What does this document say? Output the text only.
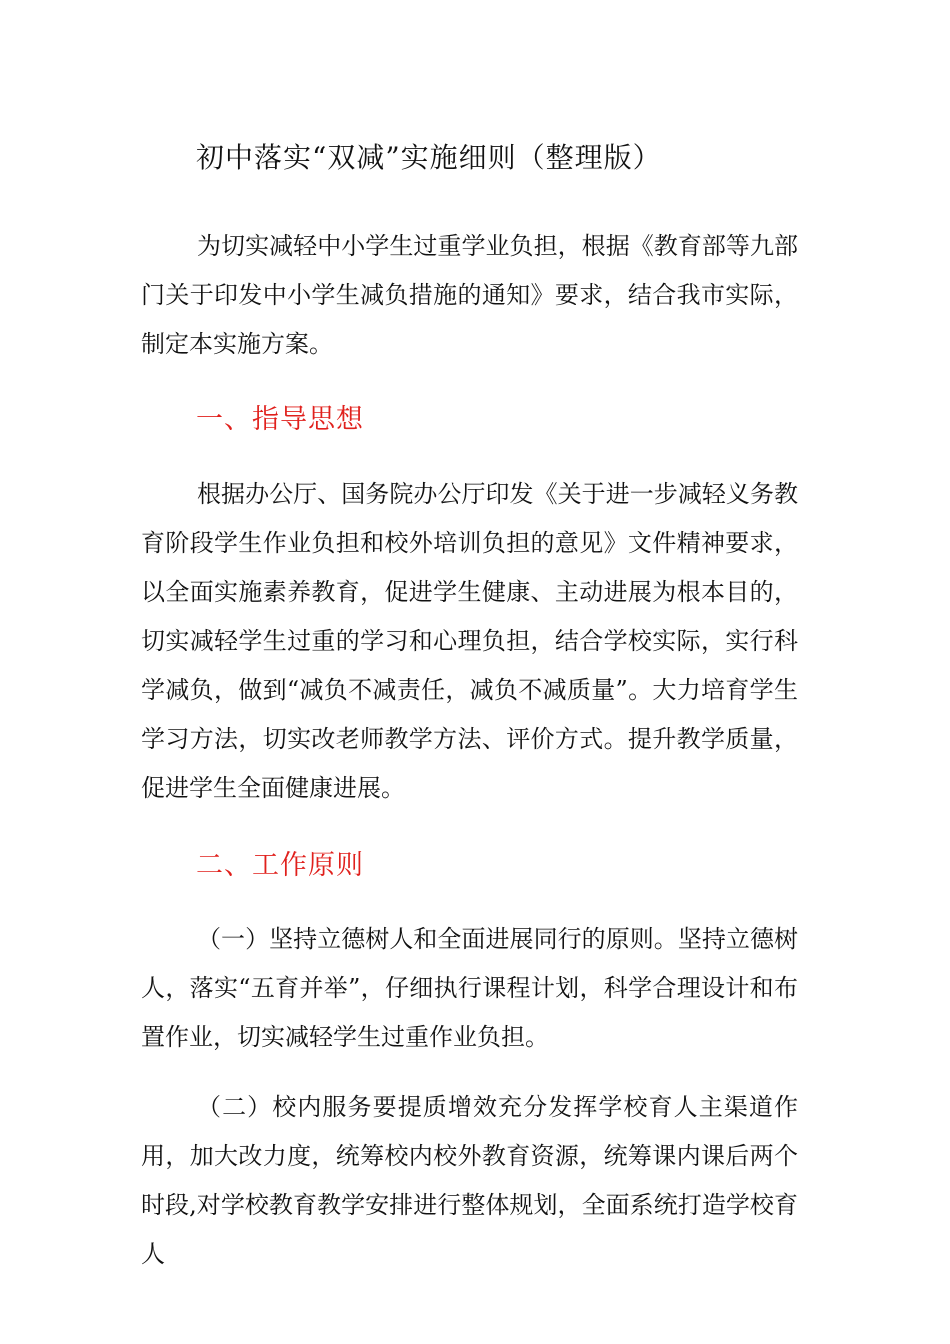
初中落实“双减”实施细则（整理版）

为切实减轻中小学生过重学业负担，根据《教育部等九部门关于印发中小学生减负措施的通知》要求，结合我市实际，制定本实施方案。

一、指导思想

根据办公厅、国务院办公厅印发《关于进一步减轻义务教育阶段学生作业负担和校外培训负担的意见》文件精神要求，以全面实施素养教育，促进学生健康、主动进展为根本目的，切实减轻学生过重的学习和心理负担，结合学校实际，实行科学减负，做到“减负不减责任，减负不减质量”。大力培育学生学习方法，切实改老师教学方法、评价方式。提升教学质量，促进学生全面健康进展。

二、工作原则

（一）坚持立德树人和全面进展同行的原则。坚持立德树人，落实“五育并举”，仔细执行课程计划，科学合理设计和布置作业，切实减轻学生过重作业负担。

（二）校内服务要提质增效充分发挥学校育人主渠道作用，加大改力度，统筹校内校外教育资源，统筹课内课后两个时段,对学校教育教学安排进行整体规划，全面系统打造学校育人
